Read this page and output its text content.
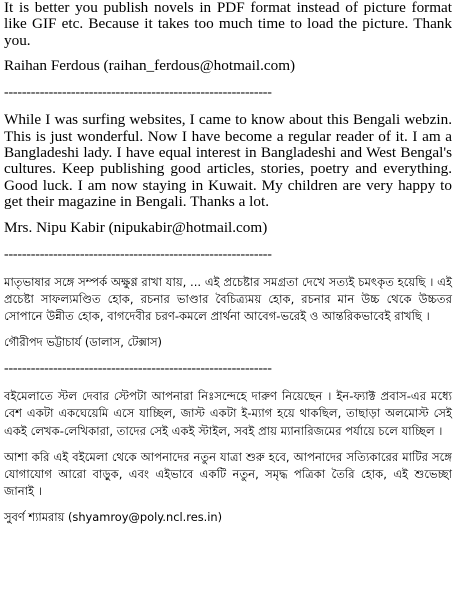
It is better you publish novels in PDF format instead of picture format like GIF etc. Because it takes too much time to load the picture. Thank you.

Raihan Ferdous (raihan_ferdous@hotmail.com)

------------------------------------------------------------

While I was surfing websites, I came to know about this Bengali webzin. This is just wonderful. Now I have become a regular reader of it. I am a Bangladeshi lady. I have equal interest in Bangladeshi and West Bengal's cultures. Keep publishing good articles, stories, poetry and everything. Good luck. I am now staying in Kuwait. My children are very happy to get their magazine in Bengali. Thanks a lot.

Mrs. Nipu Kabir (nipukabir@hotmail.com)

------------------------------------------------------------

মাতৃভাষার সঙ্গে সম্পর্ক অক্ষুণ্ণ রাখা যায়, ... এই প্রচেষ্টার সমগ্রতা দেখে সত্যই চমৎকৃত হয়েছি । এই প্রচেষ্টা সাফল্যমণ্ডিত হোক, রচনার ভাণ্ডার বৈচিত্র্যময় হোক, রচনার মান উচ্চ থেকে উচ্চতর সোপানে উন্নীত হোক, বাগদেবীর চরণ-কমলে প্রার্থনা আবেগ-ভরেই ও আন্তরিকভাবেই রাখছি ।

গৌরীপদ ভট্টাচার্য (ডালাস, টেক্সাস)

------------------------------------------------------------

বইমেলাতে স্টল দেবার স্টেপটা আপনারা নিঃসন্দেহে দারুণ নিয়েছেন । ইন-ফ্যাক্ট প্রবাস-এর মধ্যে বেশ একটা একঘেয়েমি এসে যাচ্ছিল, জাস্ট একটা ই-ম্যাগ হয়ে থাকছিল, তাছাড়া অলমোস্ট সেই একই লেখক-লেখিকারা, তাদের সেই একই স্টাইল, সবই প্রায় ম্যানারিজমের পর্যায়ে চলে যাচ্ছিল ।

আশা করি এই বইমেলা থেকে আপনাদের নতুন যাত্রা শুরু হবে, আপনাদের সত্যিকারের মাটির সঙ্গে যোগাযোগ আরো বাড়ুক, এবং এইভাবে একটি নতুন, সমৃদ্ধ পত্রিকা তৈরি হোক, এই শুভেচ্ছা জানাই ।

সুবর্ণ শ্যামরায় (shyamroy@poly.ncl.res.in)
